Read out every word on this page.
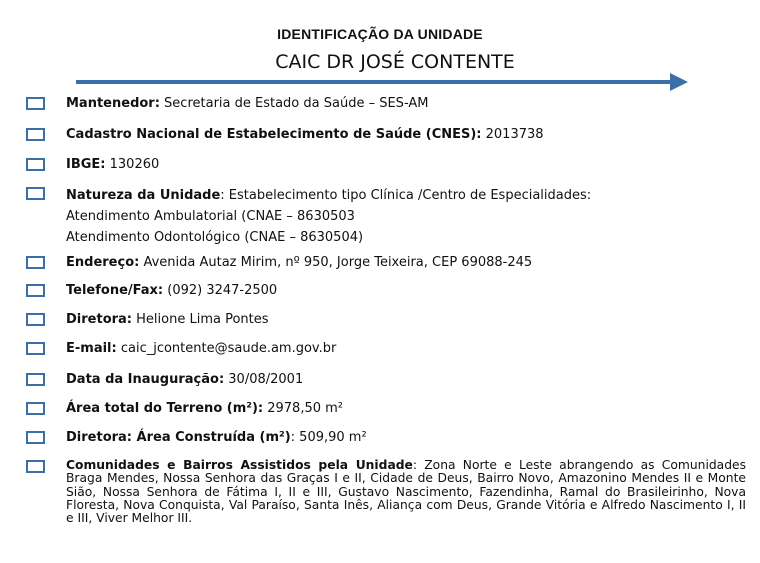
IDENTIFICAÇÃO DA UNIDADE
CAIC DR JOSÉ CONTENTE
Mantenedor: Secretaria de Estado da Saúde – SES-AM
Cadastro Nacional de Estabelecimento de Saúde (CNES): 2013738
IBGE: 130260
Natureza da Unidade: Estabelecimento tipo Clínica /Centro de Especialidades:
Atendimento Ambulatorial (CNAE – 8630503
Atendimento Odontológico (CNAE – 8630504)
Endereço: Avenida Autaz Mirim, nº 950, Jorge Teixeira, CEP 69088-245
Telefone/Fax: (092) 3247-2500
Diretora: Helione Lima Pontes
E-mail: caic_jcontente@saude.am.gov.br
Data da Inauguração: 30/08/2001
Área total do Terreno (m²): 2978,50 m²
Diretora: Área Construída (m²): 509,90 m²
Comunidades e Bairros Assistidos pela Unidade: Zona Norte e Leste abrangendo as Comunidades Braga Mendes, Nossa Senhora das Graças I e II, Cidade de Deus, Bairro Novo, Amazonino Mendes II e Monte Sião, Nossa Senhora de Fátima I, II e III, Gustavo Nascimento, Fazendinha, Ramal do Brasileirinho, Nova Floresta, Nova Conquista, Val Paraíso, Santa Inês, Aliança com Deus, Grande Vitória e Alfredo Nascimento I, II e III, Viver Melhor III.
